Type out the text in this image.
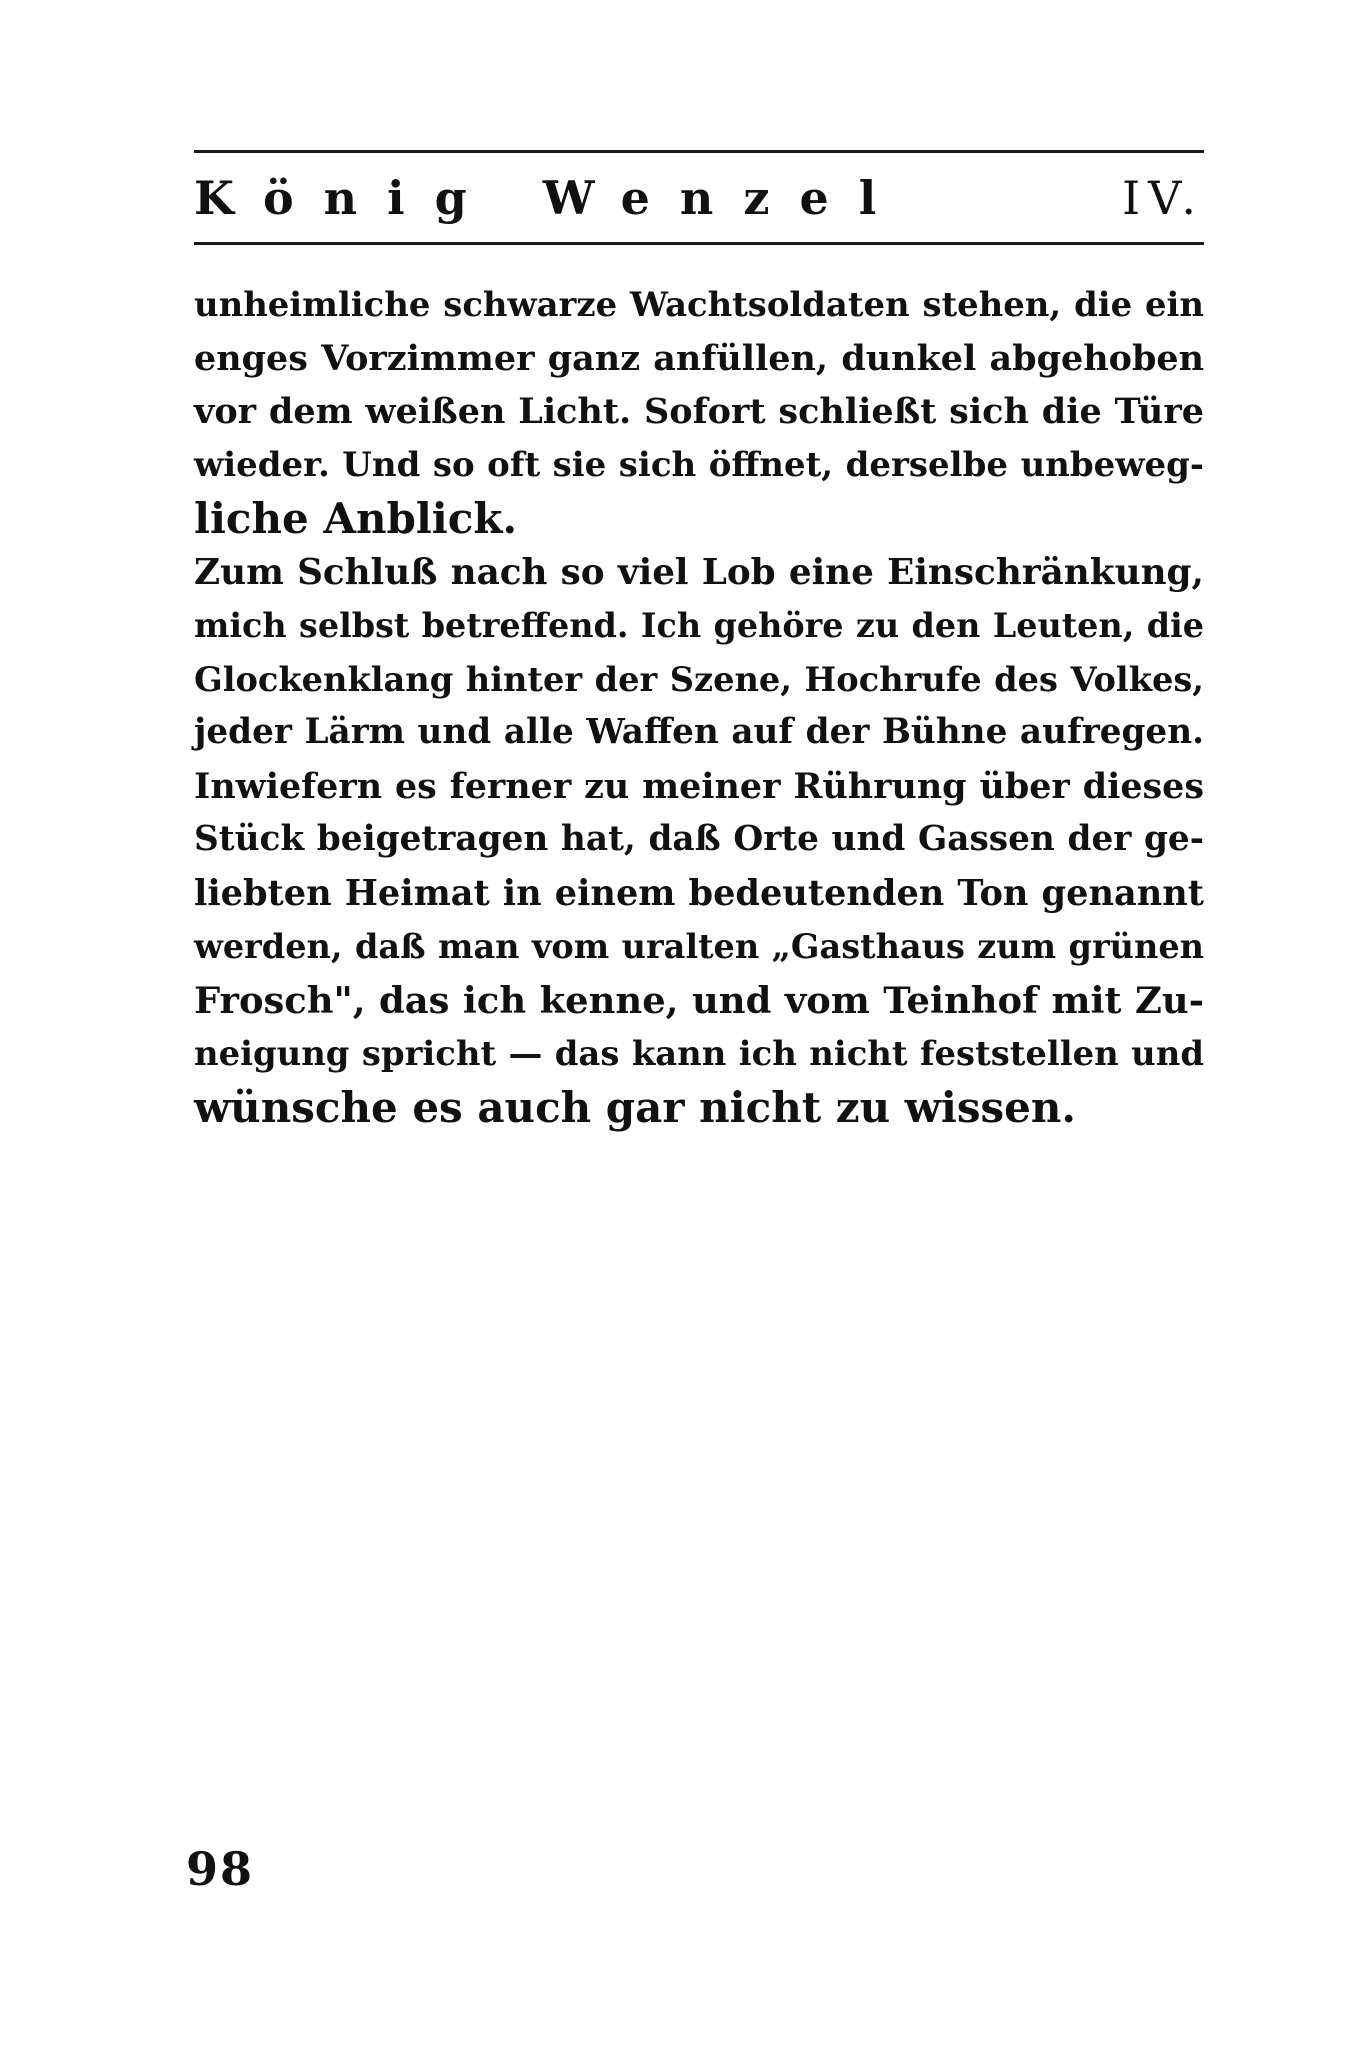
König Wenzel	IV.
unheimliche schwarze Wachtsoldaten stehen, die ein
enges Vorzimmer ganz anfüllen, dunkel abgehoben
vor dem weißen Licht. Sofort schließt sich die Türe
wieder. Und so oft sie sich öffnet, derselbe unbeweg-
liche Anblick.
Zum Schluß nach so viel Lob eine Einschränkung,
mich selbst betreffend. Ich gehöre zu den Leuten, die
Glockenklang hinter der Szene, Hochrufe des Volkes,
jeder Lärm und alle Waffen auf der Bühne aufregen.
Inwiefern es ferner zu meiner Rührung über dieses
Stück beigetragen hat, daß Orte und Gassen der ge-
liebten Heimat in einem bedeutenden Ton genannt
werden, daß man vom uralten „Gasthaus zum grünen
Frosch", das ich kenne, und vom Teinhof mit Zu-
neigung spricht — das kann ich nicht feststellen und
wünsche es auch gar nicht zu wissen.
98
